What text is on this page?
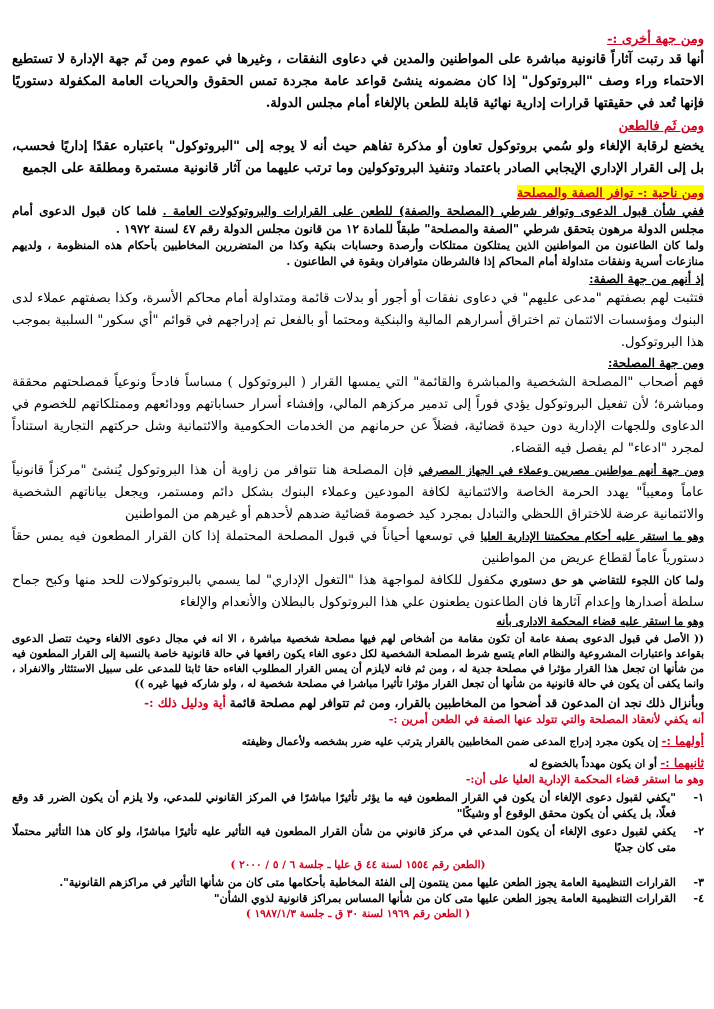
ومن جهة أخرى :-

أنها قد رتبت آثاراً قانونية مباشرة على المواطنين والمدين في دعاوى النفقات ، وغيرها في عموم ومن ثَم جهة الإدارة لا تستطيع الاحتماء وراء وصف "البروتوكول" إذا كان مضمونه ينشئ قواعد عامة مجردة تمس الحقوق والحريات العامة المكفولة دستوريًا فإنها تُعد في حقيقتها قرارات إدارية نهائية قابلة للطعن بالإلغاء أمام مجلس الدولة.

ومن ثَم فالطعن

يخضع لرقابة الإلغاء ولو سُمي بروتوكول تعاون أو مذكرة تفاهم حيث أنه لا يوجه إلى "البروتوكول" باعتباره عقدًا إداريًا فحسب، بل إلى القرار الإداري الإيجابي الصادر باعتماد وتنفيذ البروتوكولين وما ترتب عليهما من آثار قانونية مستمرة ومطلقة على الجميع

ومن ناحية :- توافر الصفة والمصلحة

ففي شأن قبول الدعوى وتوافر شرطي (المصلحة والصفة) للطعن على القرارات والبروتوكولات العامة . فلما كان قبول الدعوى أمام مجلس الدولة مرهون بتحقق شرطي "الصفة والمصلحة" طبقاً للمادة ١٢ من قانون مجلس الدولة رقم ٤٧ لسنة ١٩٧٢ .

ولما كان الطاعنون من المواطنين الذين يمتلكون ممتلكات وأرصدة وحسابات بنكية وكذا من المتضررين المخاطبين بأحكام هذه المنظومة ، ولديهم منازعات أسرية ونفقات متداولة أمام المحاكم إذا فالشرطان متوافران وبقوة في الطاعنون .

إذ أنهم من جهة الصفة:

فتثبت لهم بصفتهم "مدعى عليهم" في دعاوى نفقات أو أجور أو بدلات قائمة ومتداولة أمام محاكم الأسرة، وكذا بصفتهم عملاء لدى البنوك ومؤسسات الائتمان تم اختراق أسرارهم المالية والبنكية ومحتما أو بالفعل تم إدراجهم في قوائم "أي سكور" السلبية بموجب هذا البروتوكول.

ومن جهة المصلحة:

فهم أصحاب "المصلحة الشخصية والمباشرة والقائمة" التي يمسها القرار ( البروتوكول ) مساساً فادحاً ونوعياً فمصلحتهم محققة ومباشرة؛ لأن تفعيل البروتوكول يؤدي فوراً إلى تدمير مركزهم المالي، وإفشاء أسرار حساباتهم وودائعهم وممتلكاتهم للخصوم في الدعاوى وللجهات الإدارية دون حيدة قضائية، فضلاً عن حرمانهم من الخدمات الحكومية والائتمانية وشل حركتهم التجارية استناداً لمجرد "ادعاء" لم يفصل فيه القضاء.

ومن جهة أنهم مواطنين مصريين وعملاء في الجهاز المصرفي فإن المصلحة هنا تتوافر من زاوية أن هذا البروتوكول يُنشئ "مركزاً قانونياً عاماً ومعيباً" يهدد الحرمة الخاصة والائتمانية لكافة المودعين وعملاء البنوك بشكل دائم ومستمر، ويجعل بياناتهم الشخصية والائتمانية عرضة للاختراق اللحظي والتبادل بمجرد كيد خصومة قضائية ضدهم لأحدهم أو غيرهم من المواطنين

وهو ما استقر عليه أحكام محكمتنا الإدارية العليا في توسعها أحياناً في قبول المصلحة المحتملة إذا كان القرار المطعون فيه يمس حقاً دستورياً عاماً لقطاع عريض من المواطنين

ولما كان اللجوء للتقاضي هو حق دستوري مكفول للكافة لمواجهة هذا "التغول الإداري" لما يسمي بالبروتوكولات للحد منها وكبح جماح سلطة أصدارها وإعدام آثارها فان الطاعنون يطعنون علي هذا البروتوكول بالبطلان والأنعدام والإلغاء

وهو ما استقر عليه قضاء المحكمة الادارى بأنه

(( الأصل في قبول الدعوى بصفة عامة أن تكون مقامة من أشخاص لهم فيها مصلحة شخصية مباشرة ، الا انه في مجال دعوى الالغاء وحيث تتصل الدعوى بقواعد واعتبارات المشروعية والنظام العام يتسع شرط المصلحة الشخصية لكل دعوى الغاء يكون رافعها في حالة قانونية خاصة بالنسبة إلى القرار المطعون فيه من شأنها ان تجعل هذا القرار مؤثرا في مصلحة جدية له ، ومن ثم فانه لايلزم أن يمس القرار المطلوب الغاءه حقا ثابتا للمدعى على سبيل الاستئثار والانفراد ، وانما يكفى أن يكون في حالة قانونية من شأنها أن تجعل القرار مؤثرا تأثيرا مباشرا في مصلحة شخصية له ، ولو شاركه فيها غيره ))

وبأنزال ذلك نجد ان المدعون قد أضحوا من المخاطبين بالقرار، ومن ثم تتوافر لهم مصلحة قائمة أية ودليل ذلك :-

أنه يكفي لأنعقاد المصلحة والتي تتولد عنها الصفة في الطعن أمرين :-

أولهما :- إن يكون مجرد إدراج المدعى ضمن المخاطبين بالقرار يترتب عليه ضرر بشخصه ولأعمال وظيفته

ثانيهما :- أو ان يكون مهدداً بالخضوع له

وهو ما استقر قضاء المحكمة الإدارية العليا على أن:-
١-
"يكفي لقبول دعوى الإلغاء أن يكون في القرار المطعون فيه ما يؤثر تأثيرًا مباشرًا في المركز القانوني للمدعي، ولا يلزم أن يكون الضرر قد وقع فعلًا، بل يكفي أن يكون محقق الوقوع أو وشيكًا"
٢-
يكفي لقبول دعوى الإلغاء أن يكون المدعي في مركز قانوني من شأن القرار المطعون فيه التأثير عليه تأثيرًا مباشرًا، ولو كان هذا التأثير محتملًا متى كان جديًا
(الطعن رقم ١٥٥٤ لسنة ٤٤ ق عليا ـ جلسة ٦ / ٥ / ٢٠٠٠ )
٣-
القرارات التنظيمية العامة يجوز الطعن عليها ممن ينتمون إلى الفئة المخاطبة بأحكامها متى كان من شأنها التأثير في مراكزهم القانونية".
٤-
القرارات التنظيمية العامة يجوز الطعن عليها متى كان من شأنها المساس بمراكز قانونية لذوي الشأن"
( الطعن رقم ١٩٦٩ لسنة ٣٠ ق ـ جلسة ١٩٨٧/١/٣ )
